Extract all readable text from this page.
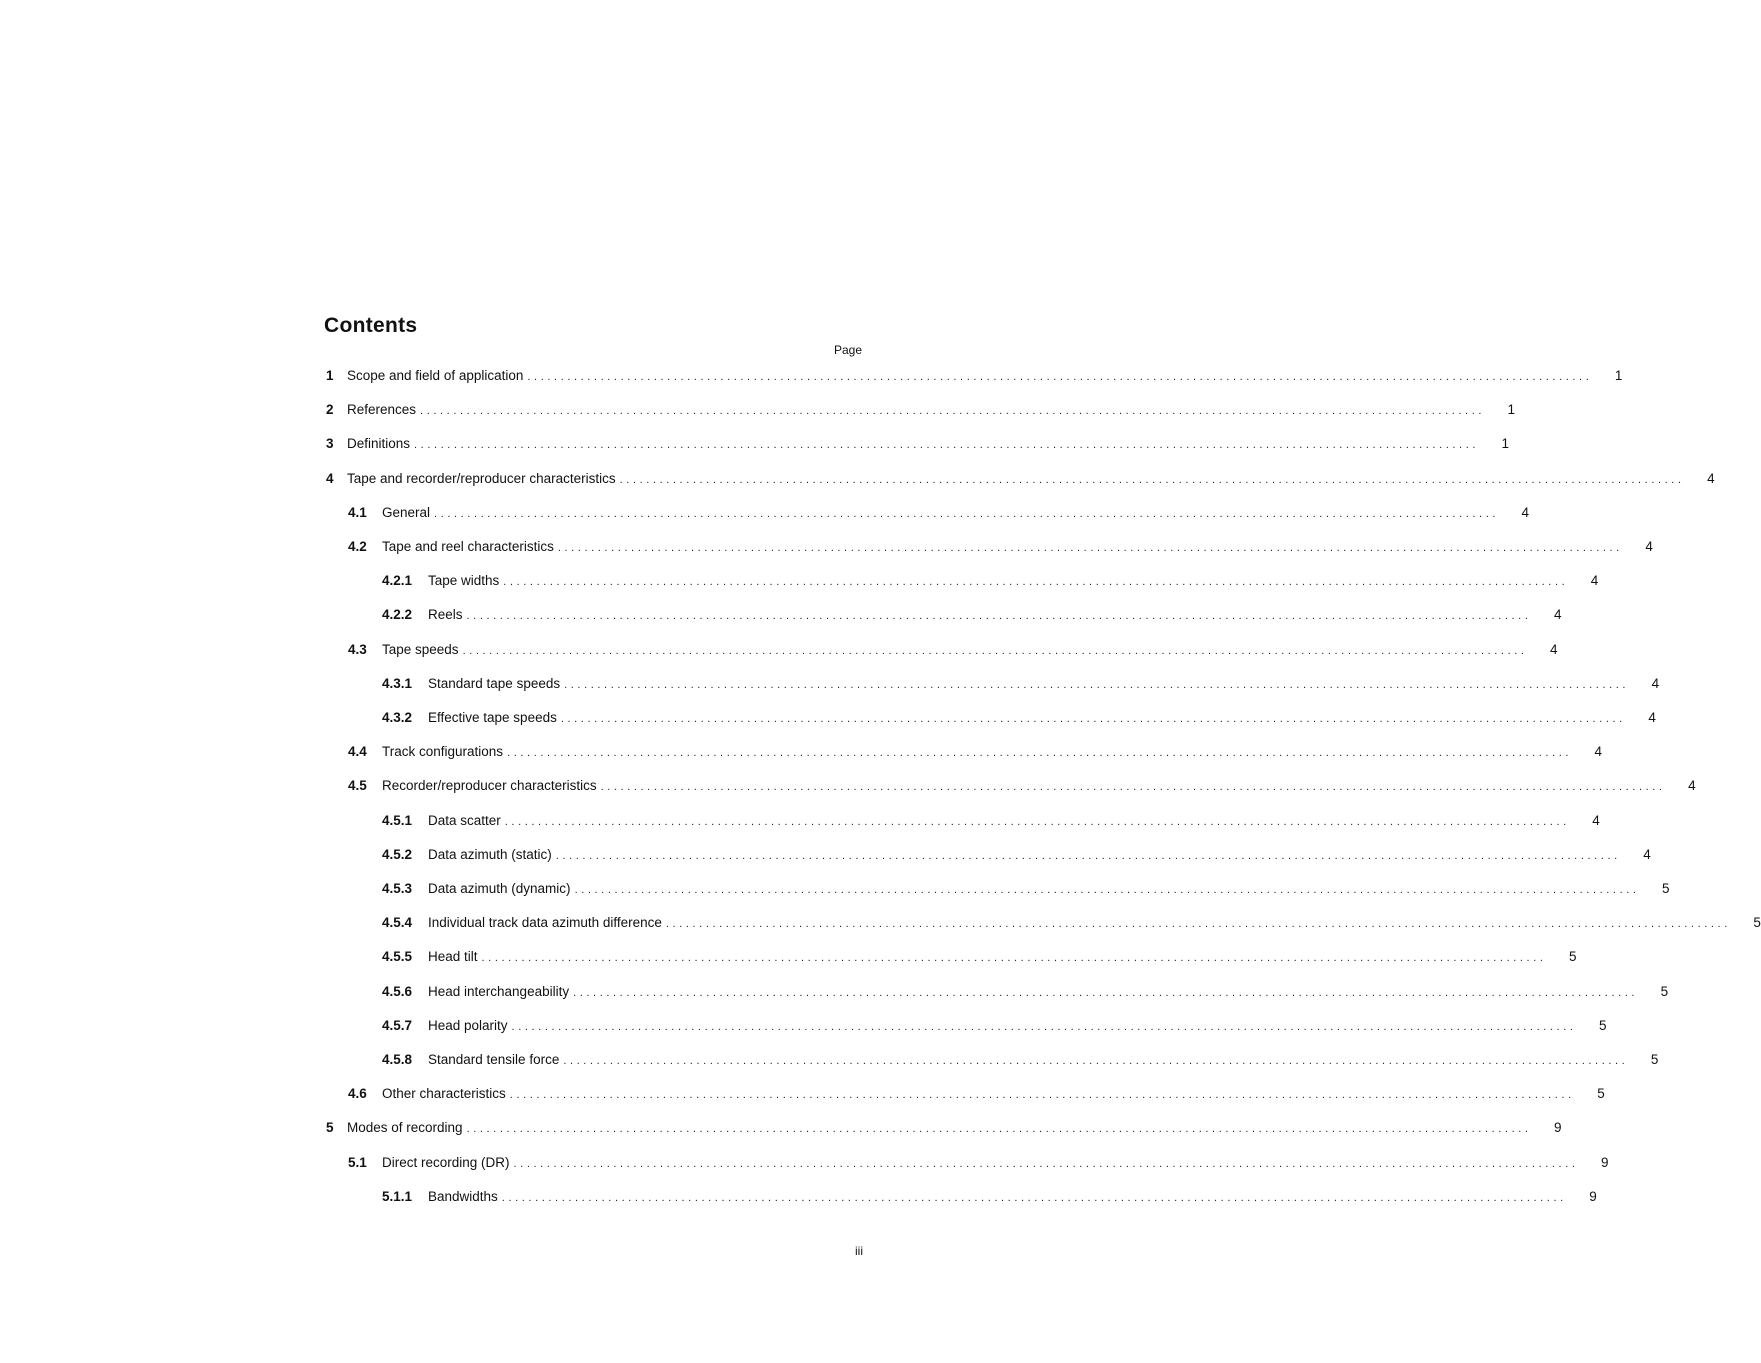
Contents
Page
1 Scope and field of application ................................................................................................................................................................	1
2 References ................................................................................................................................................................	1
3 Definitions ................................................................................................................................................................	1
4 Tape and recorder/reproducer characteristics ................................................................................................................................................................	4
4.1	General ................................................................................................................................................................	4
4.2	Tape and reel characteristics ................................................................................................................................................................	4
4.2.1	Tape widths ................................................................................................................................................................	4
4.2.2	Reels ................................................................................................................................................................	4
4.3	Tape speeds ................................................................................................................................................................	4
4.3.1	Standard tape speeds ................................................................................................................................................................	4
4.3.2	Effective tape speeds ................................................................................................................................................................	4
4.4	Track configurations ................................................................................................................................................................	4
4.5	Recorder/reproducer characteristics ................................................................................................................................................................	4
4.5.1	Data scatter ................................................................................................................................................................	4
4.5.2	Data azimuth (static) ................................................................................................................................................................	4
4.5.3	Data azimuth (dynamic) ................................................................................................................................................................	5
4.5.4	Individual track data azimuth difference ................................................................................................................................................................	5
4.5.5	Head tilt ................................................................................................................................................................	5
4.5.6	Head interchangeability ................................................................................................................................................................	5
4.5.7	Head polarity ................................................................................................................................................................	5
4.5.8	Standard tensile force ................................................................................................................................................................	5
4.6	Other characteristics ................................................................................................................................................................	5
5 Modes of recording ................................................................................................................................................................	9
5.1	Direct recording (DR) ................................................................................................................................................................	9
5.1.1	Bandwidths ................................................................................................................................................................	9
iii
